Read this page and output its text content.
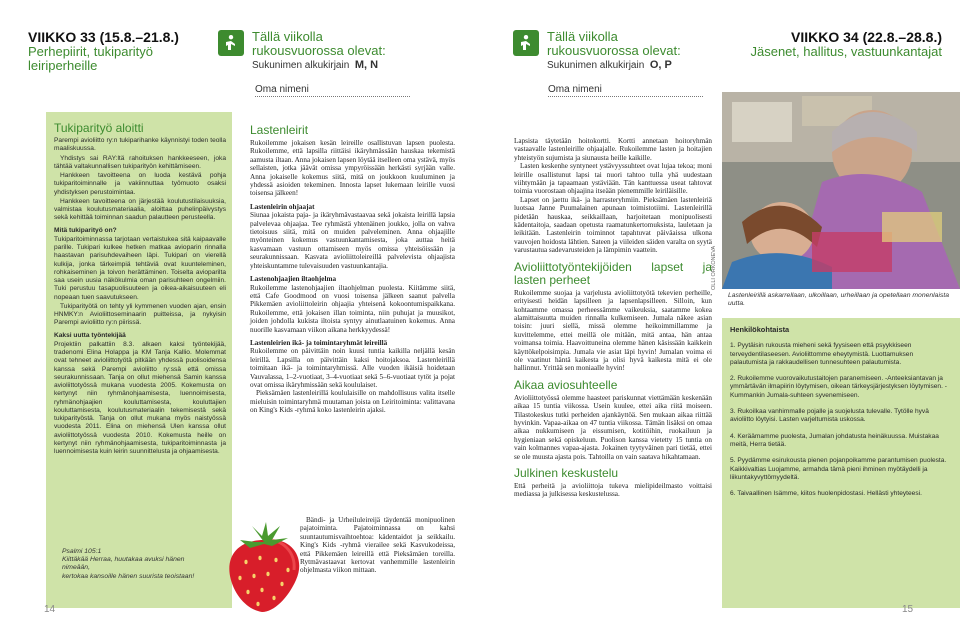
VIIKKO 33 (15.8.–21.8.)
Perhepiirit, tukiparityö
leiriperheille
Tällä viikolla
rukousvuorossa olevat:
Sukunimen alkukirjain M, N
Tällä viikolla
rukousvuorossa olevat:
Sukunimen alkukirjain O, P
VIIKKO 34 (22.8.–28.8.)
Jäsenet, hallitus, vastuunkantajat
Oma nimeni	Oma nimeni
Tukiparityö aloitti

Parempi avioliitto ry:n tukiparihanke käynnistyi toden teolla maaliskuussa.

Yhdistys sai RAY:ltä rahoituksen hankkeeseen, joka tähtää valtakunnallisen tukiparityön kehittämiseen.

Hankkeen tavoitteena on luoda kestävä pohja tukiparitoiminnalle ja vakiinnuttaa työmuoto osaksi yhdistyksen perustoimintaa.

Hankkeen tavoitteena on järjestää koulutustilaisuuksia, valmistaa koulutusmateriaalia, aloittaa puhelinpäivystys sekä kehittää toiminnan saadun palautteen perusteella.

Mitä tukiparityö on?

Tukiparitoiminnassa tarjotaan vertaistukea sitä kaipaavalle parille. Tukipari kulkee hetken matkaa avioparin rinnalla haastavan parisuhdevaiheen läpi. Tukipari on vierellä kulkija, jonka tärkeimpiä tehtäviä ovat kuunteleminen, rohkaiseminen ja toivon herättäminen. Toiselta avioparilta saa usein uusia näkökulmia oman parisuhteen ongelmiin. Tuki perustuu tasapuolisuuteen ja oikea-aikaisuuteen eli nopeaan tuen saavutukseen.

Tukiparityötä on tehty yli kymmenen vuoden ajan, ensin HNMKY:n Avioliittoseminaarin puitteissa, ja nykyisin Parempi avioliitto ry:n piirissä.

Kaksi uutta työntekijää

Projektiin palkattiin 8.3. alkaen kaksi työntekijää, tradenomi Elina Holappa ja KM Tanja Kallio. Molemmat ovat tehneet avioliittotyötä pitkään yhdessä puolisoidensa kanssa sekä Parempi avioliitto ry:ssä että omissa seurakunnissaan. Tanja on ollut miehensä Samin kanssa avioliittotyössä mukana vuodesta 2005. Kokemusta on kertynyt niin ryhmänohjaamisesta, luennoimisesta, ryhmänohjaajien kouluttamisesta, kouluttajien kouluttamisesta, koulutusmateriaalin tekemisestä sekä tukiparityöstä. Tanja on ollut mukana myös naistyössä vuodesta 2011. Elina on miehensä Ulen kanssa ollut avioliittotyössä vuodesta 2010. Kokemusta heille on kertynyt niin ryhmänohjaamisesta, tukiparitoiminnasta ja luennoimisesta kuin leirin suunnittelusta ja ohjaamisesta.

Psalmi 105:1
Kiittäkää Herraa, huutakaa avuksi hänen
nimeään,
kertokaa kansoille hänen suurista teoistaan!
Lastenleirit

Rukoilemme jokaisen kesän leireille osallistuvan lapsen puolesta. Rukoilemme, että lapsilla riittäisi ikäryhmässään hauskaa tekemistä aamusta iltaan. Anna jokaisen lapsen löytää itselleen oma ystävä, myös sellaisten, jotka jäävät omissa ympyröissään herkästi syrjään valle. Anna jokaiselle kokemus siitä, mitä on joukkoon kuuluminen ja yhdessä asioiden tekeminen. Innosta lapset lukemaan leirille vuosi toisensa jälkeen!

Lastenleirin ohjaajat

Siunaa jokaista paja- ja ikäryhmävastaavaa sekä jokaista leirillä lapsia palvelevaa ohjaajaa. Tee ryhmästä yhtenäinen joukko, jolla on vahva tietoisuus siitä, mitä on muiden palveleminen. Anna ohjaajille myönteinen kokemus vastuunkantamisesta, joka auttaa heitä kasvamaan vastuun ottamiseen myös omissa yhteisöissään ja seurakunnissaan. Kasvata avioliittoleireillä palvelevista ohjaajista yhteiskuntamme tulevaisuuden vastuunkantajia.

Lastenohjaajien iltaohjelma

Rukoilemme lastenohjaajien iltaohjelman puolesta. Kiitämme siitä, että Cafe Goodmood on vuosi toisensa jälkeen saanut palvella Pikkemäen avioliittoleirin ohjaajia yhteisenä kokoontumispaikkana. Rukoilemme, että jokaisen illan toiminta, niin puhujat ja muusikot, joiden johdolla kukista iltoista syntyy ainutlaatuinen kokemus. Anna nuorille kasvamaan viikon aikana herkkyydessä!

Lastenleirien ikä- ja toimintaryhmät leireillä

Rukoilemme on päivittäin noin kuusi tuntia kaikilla neljällä kesän leirillä. Lapsilla on päivittäin kaksi hoitojaksoa. Lastenleirillä toimitaan ikä- ja toimintaryhmissä. Alle vuoden ikäisiä hoidetaan Vauvalassa, 1–2-vuotiaat, 3–4-vuotiaat sekä 5–6-vuotiaat tytöt ja pojat ovat omissa ikäryhmissään sekä koululaiset.

Pieksämäen lastenleirillä koululaisille on mahdollisuus valita itselle mieluisin toimintaryhmä muutaman joista on Leiritoiminta: valittavana on King's Kids -ryhmä koko lastenleirin ajaksi.

Bändi- ja Urheiluleireijä täydentää monipuolinen pajatoiminta. Pajatoiminnassa on kahsi suuntautumisvaihtoehtoa: kädentaidot ja seikkailu. King's Kids -ryhmä vierailee sekä Kasvukodeissa, että Pikkemäen leireillä että Pieksämäen toreilla. Rytmävastaavat kertovat vanhemmille lastenleirin ohjelmasta viikon mittaan.

Lapsista täytetään hoitokortti. Kortti annetaan hoitoryhmän vastaavalle lastenleirille ohjaajalle. Rukoilemme lasten ja hoitajien yhteistyön sujumista ja siunausta heille kaikille.

Lasten keskenhe syntyneet ystävyyssuhteet ovat lujaa tekoa; moni leirille osallistunut lapsi tai nuori tahtoo tulla yhä uudestaan viihtymään ja tapaamaan ystäviään. Tän kanttuessa useat tahtovat toimia vuorostaan ohjaajina itseään pienemmille leiriläisille.

Lapset on jaettu ikä- ja harrasteryhmiin. Pieksämäen lastenleiriä luotsaa Janne Puumalainen apunaan toimistotiimi. Lastenleirillä pidetään hauskaa, seikkaillaan, harjoitetaan monipuolisesti kädentaitoja, saadaan opetusta raamatunkertomuksista, lauletaan ja leikitään. Lastenleirin toiminnot tapahtuvat päiväaissa ulkona vauvojen hoidosta lähtien. Sateen ja viileiden säiden varalta on syytä varustautua sadevarusteiden ja lämpimin vaattein.

Avioliittotyöntekijöiden lapset ja lasten perheet

Rukoilemme suojaa ja varjelusta avioliittotyötä tekevien perheille, erityisesti heidän lapsilleen ja lapsenlapsilleen. Silloin, kun kohtaamme omassa perheessämme vaikeuksia, saatamme kokea alamittaisuutta muiden rinnalla kulkemiseen. Jumala näkee asian toisin: juuri siellä, missä olemme heikoimmillamme ja kuvittelemme, ettei meillä ole mitään, mitä antaa, hän antaa voimansa toimia. Haavoittuneina olemme hänen käsissään kaikkein käyttökelpoisimpia. Jumala vie asiat läpi hyvin! Jumalan voima ei ole vaatinut häntä kaikesta ja olisi hyvä kaikesta mitä ei ole hallinnut. Yrittää sen moniaalle hyvin!

Aikaa aviosuhteelle

Avioliittotyössä olemme haasteet pariskunnat viettämään keskenään aikaa 15 tuntia viikossa. Usein kuulee, ettei aika riitä moiseen. Tilastokeskus tutki perheiden ajankäyttöä. Sen mukaan aikaa riittää hyvinkin. Vapaa-aikaa on 47 tuntia viikossa. Tämän lisäksi on omaa aikaa nukkumiseen ja eissumisen, kotitöihin, ruokailuun ja hygieniaan sekä opiskeluun. Puolison kanssa vietetty 15 tuntia on vain kolmannes vapaa-ajasta. Jokainen tyytyväinen pari tietää, ettei se ole muusta ajasta pois. Tahtoilla on vain saatava hikahtamaan.

Julkinen keskustelu

Että perheitä ja avioliittoja tukeva mielipideilmasto voittaisi mediassa ja julkisessa keskustelussa.

OLLI ORKONEVA
Lastenleirillä askarrellaan, ulkoillaan, urheillaan ja opetellaan monenlaista uutta.

Henkilökohtaista

1. Pyytäisin rukousta mieheni sekä fyysiseen että psyykkiseen terveydentilaseesen. Avioliittomme eheytymistä. Luottamuksen palautumista ja rakkaudellisen tunnesuhteen palautumista.

2. Rukoilemme vuorovaikutustaitojen paranemiseen. -Anteeksiantavan ja ymmärtävän ilmapiirin löytymisen, oikean tärkeysjärjestyksen löytymisen. -Kummankin Jumala-suhteen syvenemiseen.

3. Rukoilkaa vanhimmalle pojalle ja suojelusta tulevalle. Tytölle hyvä avioliitto löytyisi. Lasten varjeltumista uskossa.

4. Keräämamme puolesta, Jumalan johdatusta heinäkuussa. Muistakaa meitä, Herra tietää.

5. Pyydämme esirukousta pienen pojanpoikamme parantumisen puolesta. Kaikkivaltias Luojamme, armahda tämä pieni ihminen myötäydelli ja liikuntakyvyttömyydeltä.

6. Taivaallinen Isämme, kiitos huolenpidostasi. Hellästi yhteyteesi.

14	15
